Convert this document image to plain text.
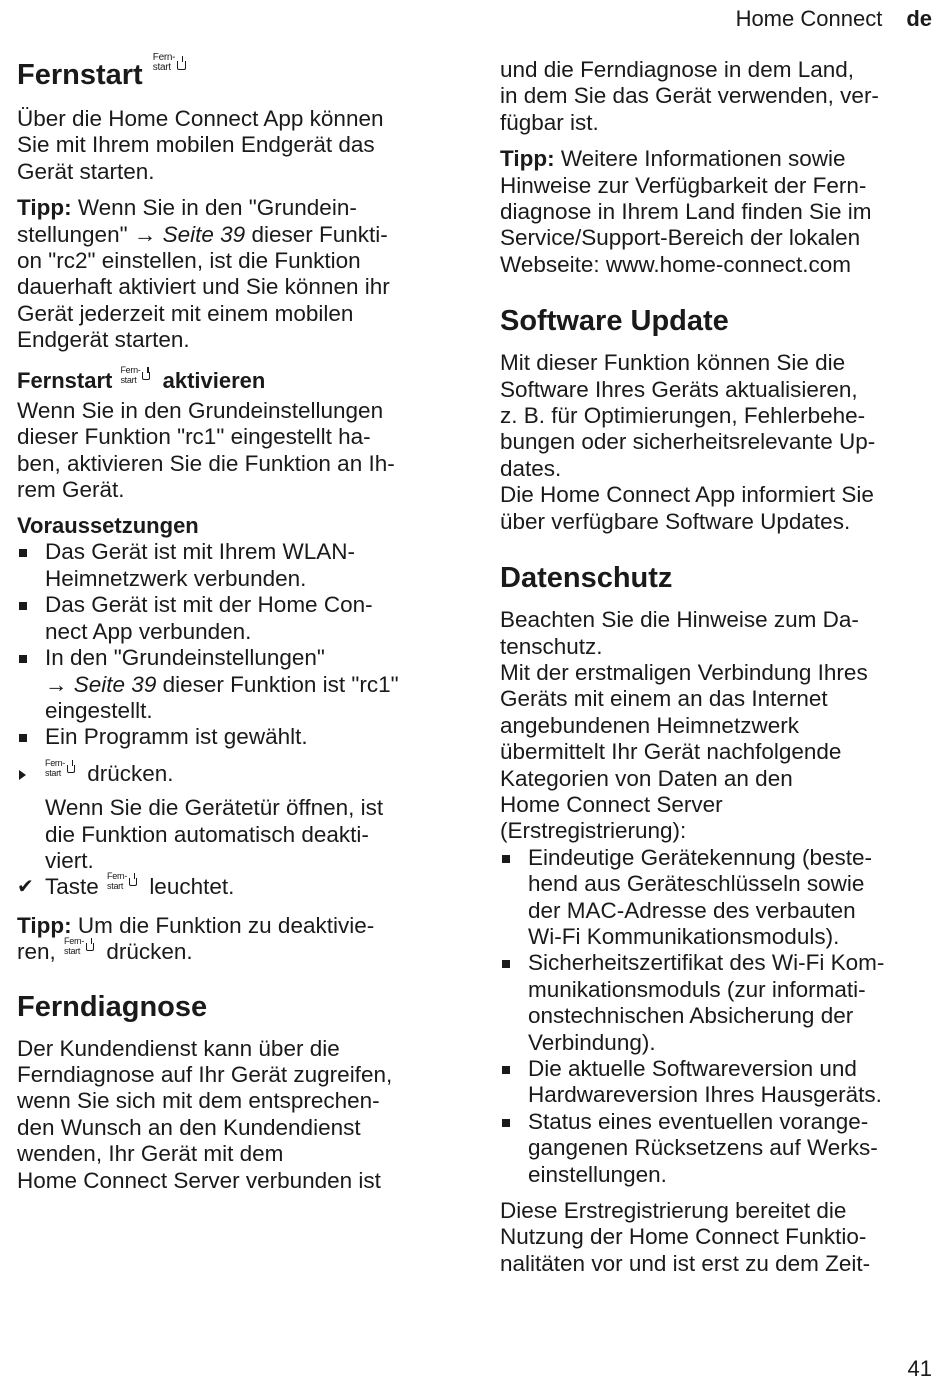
Home Connect de
Fernstart
Fern-
start

Über die Home Connect App können

Sie mit Ihrem mobilen Endgerät das

Gerät starten.

Tipp: Wenn Sie in den "Grundein-

stellungen" → Seite 39 dieser Funkti-

on "rc2" einstellen, ist die Funktion

dauerhaft aktiviert und Sie können ihr

Gerät jederzeit mit einem mobilen

Endgerät starten.

Fernstart Fern-
start	aktivieren

Wenn Sie in den Grundeinstellungen

dieser Funktion "rc1" eingestellt ha-

ben, aktivieren Sie die Funktion an Ih-

rem Gerät.

Voraussetzungen
Das Gerät ist mit Ihrem WLAN-
Heimnetzwerk verbunden.
Das Gerät ist mit der Home Con-
nect App verbunden.
In den "Grundeinstellungen"
→ Seite 39 dieser Funktion ist "rc1"
eingestellt.
Ein Programm ist gewählt.
Fern-
start	drücken.
Wenn Sie die Gerätetür öffnen, ist
die Funktion automatisch deakti-
viert.
✔ Taste Fern-
start	leuchtet.

Tipp: Um die Funktion zu deaktivie-

ren, Fern-
start	drücken.

Ferndiagnose

Der Kundendienst kann über die

Ferndiagnose auf Ihr Gerät zugreifen,

wenn Sie sich mit dem entsprechen-

den Wunsch an den Kundendienst

wenden, Ihr Gerät mit dem

Home Connect Server verbunden ist

und die Ferndiagnose in dem Land,

in dem Sie das Gerät verwenden, ver-

fügbar ist.

Tipp: Weitere Informationen sowie

Hinweise zur Verfügbarkeit der Fern-

diagnose in Ihrem Land finden Sie im

Service/Support-Bereich der lokalen

Webseite: www.home-connect.com

Software Update

Mit dieser Funktion können Sie die

Software Ihres Geräts aktualisieren,

z. B. für Optimierungen, Fehlerbehe-

bungen oder sicherheitsrelevante Up-

dates.

Die Home Connect App informiert Sie

über verfügbare Software Updates.

Datenschutz

Beachten Sie die Hinweise zum Da-

tenschutz.

Mit der erstmaligen Verbindung Ihres

Geräts mit einem an das Internet

angebundenen Heimnetzwerk

übermittelt Ihr Gerät nachfolgende

Kategorien von Daten an den

Home Connect Server

(Erstregistrierung):

Eindeutige Gerätekennung (beste-
hend aus Geräteschlüsseln sowie
der MAC-Adresse des verbauten
Wi-Fi Kommunikationsmoduls).
Sicherheitszertifikat des Wi-Fi Kom-
munikationsmoduls (zur informati-
onstechnischen Absicherung der
Verbindung).
Die aktuelle Softwareversion und
Hardwareversion Ihres Hausgeräts.
Status eines eventuellen vorange-
gangenen Rücksetzens auf Werks-
einstellungen.

Diese Erstregistrierung bereitet die

Nutzung der Home Connect Funktio-

nalitäten vor und ist erst zu dem Zeit-

41
